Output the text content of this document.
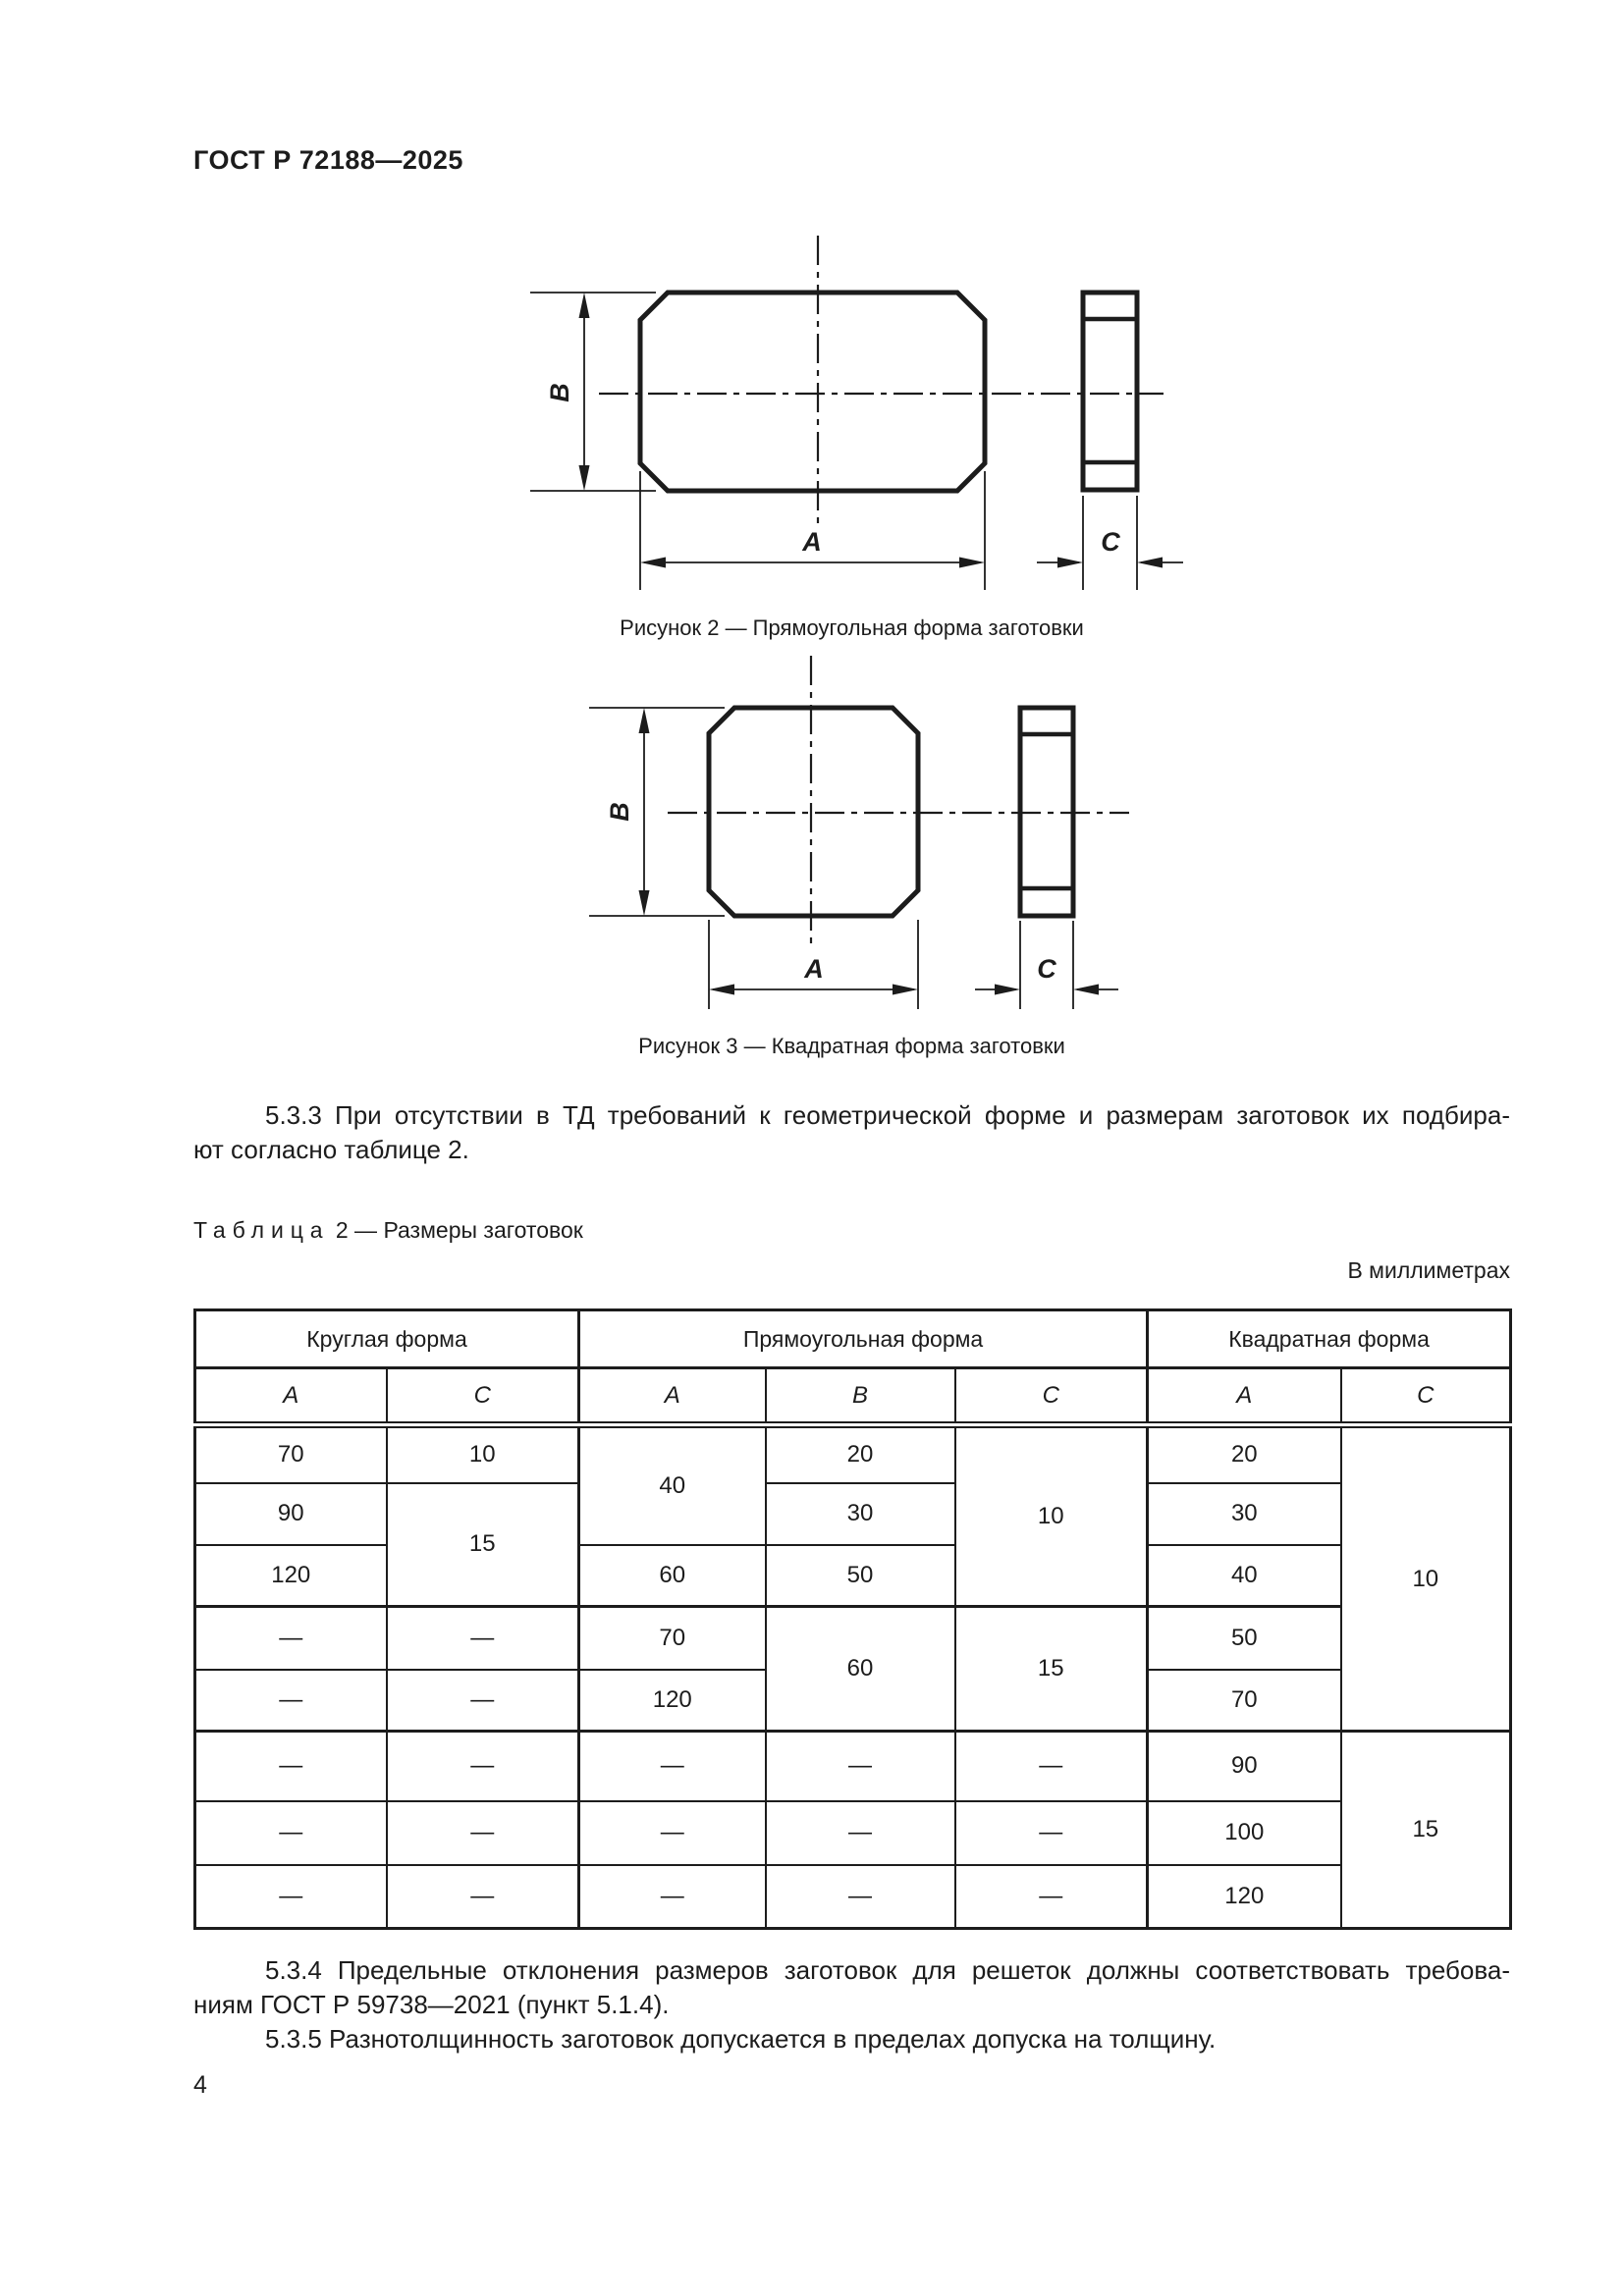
ГОСТ Р 72188—2025
B
A	C
Рисунок 2 — Прямоугольная форма заготовки
B
A	C
Рисунок 3 — Квадратная форма заготовки
5.3.3 При отсутствии в ТД требований к геометрической форме и размерам заготовок их подбира-
ют согласно таблице 2.
Таблица 2 — Размеры заготовок
В миллиметрах
Круглая форма		Прямоугольная форма			Квадратная форма	
A	C	A	B	C	A	C
70	10	40	20	10	20	10
90	15		30		30	
120		60	50		40	
—	—	70	60	15	50	
—	—	120			70	
—	—	—	—	—	90	15
—	—	—	—	—	100	
—	—	—	—	—	120	
5.3.4 Предельные отклонения размеров заготовок для решеток должны соответствовать требова-
ниям ГОСТ Р 59738—2021 (пункт 5.1.4).
5.3.5 Разнотолщинность заготовок допускается в пределах допуска на толщину.
4
